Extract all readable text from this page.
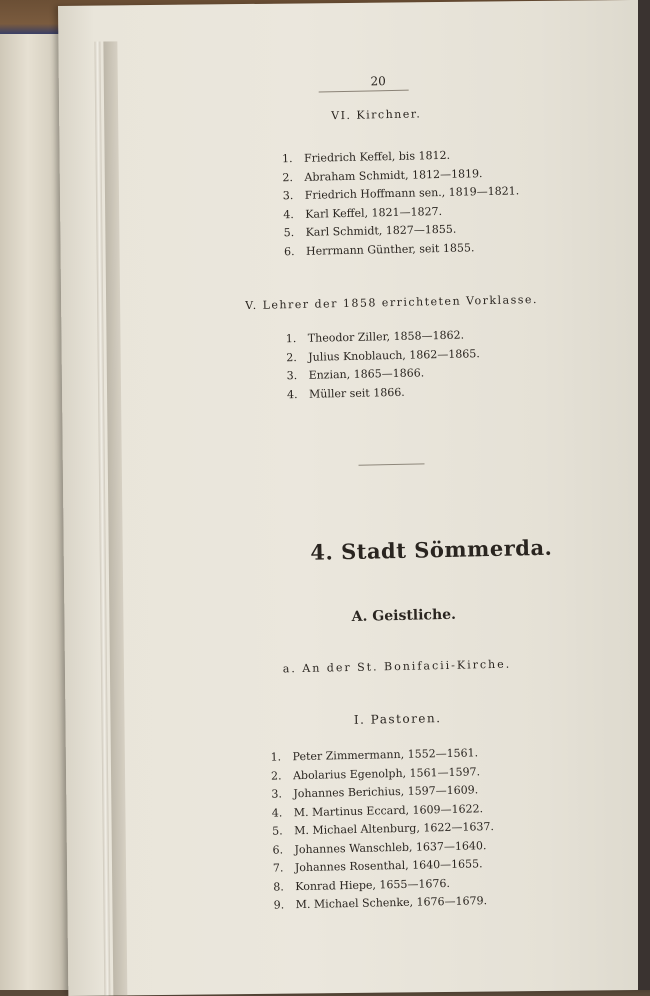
20
VI. Kirchner.
1. Friedrich Keffel, bis 1812.
2. Abraham Schmidt, 1812—1819.
3. Friedrich Hoffmann sen., 1819—1821.
4. Karl Keffel, 1821—1827.
5. Karl Schmidt, 1827—1855.
6. Herrmann Günther, seit 1855.
V. Lehrer der 1858 errichteten Vorklasse.
1. Theodor Ziller, 1858—1862.
2. Julius Knoblauch, 1862—1865.
3. Enzian, 1865—1866.
4. Müller seit 1866.
4. Stadt Sömmerda.
A. Geistliche.
a. An der St. Bonifacii-Kirche.
I. Pastoren.
1. Peter Zimmermann, 1552—1561.
2. Abolarius Egenolph, 1561—1597.
3. Johannes Berichius, 1597—1609.
4. M. Martinus Eccard, 1609—1622.
5. M. Michael Altenburg, 1622—1637.
6. Johannes Wanschleb, 1637—1640.
7. Johannes Rosenthal, 1640—1655.
8. Konrad Hiepe, 1655—1676.
9. M. Michael Schenke, 1676—1679.
